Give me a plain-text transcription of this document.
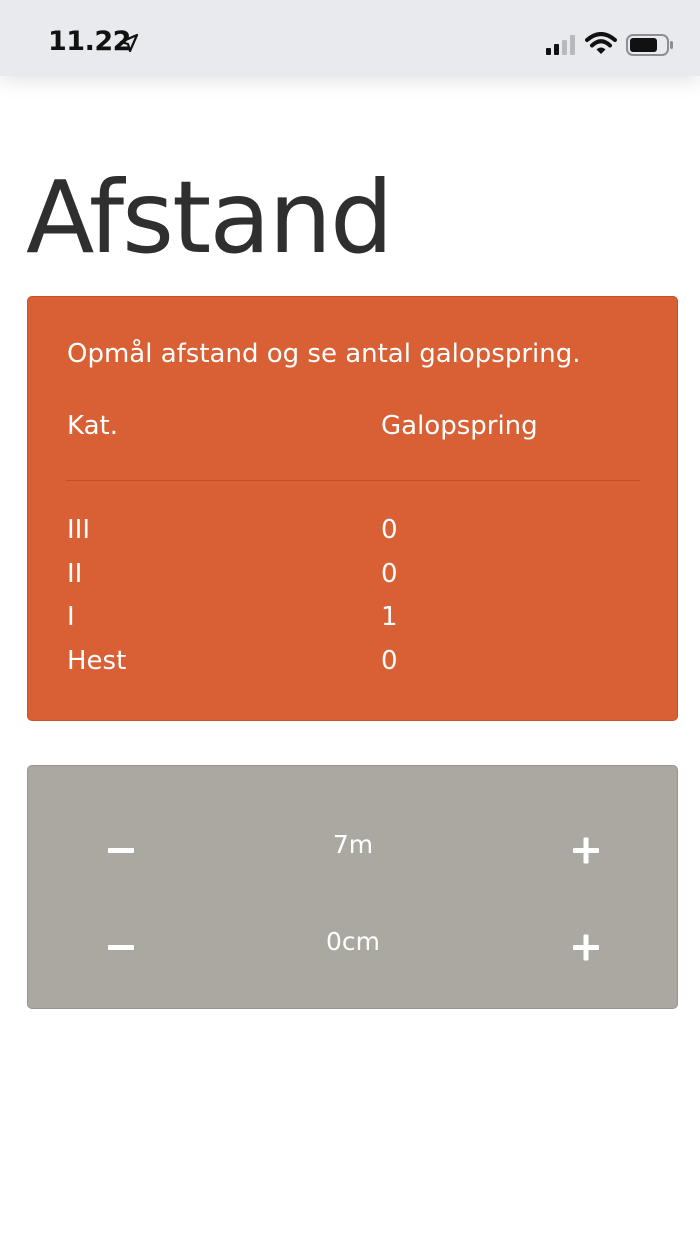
11.22
Afstand
Opmål afstand og se antal galopspring.
Kat.	Galopspring
III	0
II	0
I	1
Hest	0
7m
0cm
